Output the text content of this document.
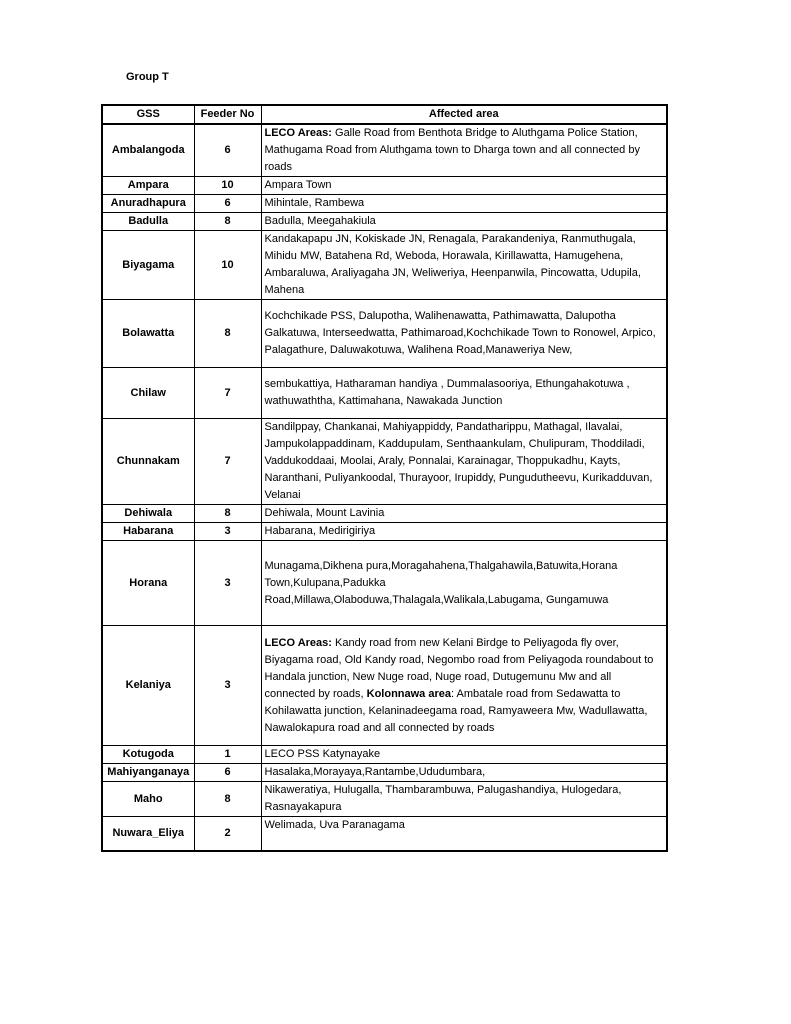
Group T
GSS	Feeder No	Affected area
Ambalangoda	6	LECO Areas: Galle Road from Benthota Bridge to Aluthgama Police Station, Mathugama Road from Aluthgama town to Dharga town and all connected by roads
Ampara	10	Ampara Town
Anuradhapura	6	Mihintale, Rambewa
Badulla	8	Badulla, Meegahakiula
Biyagama	10	Kandakapapu JN, Kokiskade JN, Renagala, Parakandeniya, Ranmuthugala, Mihidu MW, Batahena Rd, Weboda, Horawala, Kirillawatta, Hamugehena, Ambaraluwa, Araliyagaha JN, Weliweriya, Heenpanwila, Pincowatta, Udupila, Mahena
Bolawatta	8	Kochchikade PSS, Dalupotha, Walihenawatta, Pathimawatta, Dalupotha Galkatuwa, Interseedwatta, Pathimaroad,Kochchikade Town to Ronowel, Arpico, Palagathure, Daluwakotuwa, Walihena Road,Manaweriya New,
Chilaw	7	sembukattiya, Hatharaman handiya , Dummalasooriya, Ethungahakotuwa , wathuwaththa, Kattimahana, Nawakada Junction
Chunnakam	7	Sandilppay, Chankanai, Mahiyappiddy, Pandatharippu, Mathagal, Ilavalai, Jampukolappaddinam, Kaddupulam, Senthaankulam, Chulipuram, Thoddiladi, Vaddukoddaai, Moolai, Araly, Ponnalai, Karainagar, Thoppukadhu, Kayts, Naranthani, Puliyankoodal, Thurayoor, Irupiddy, Pungudutheevu, Kurikadduvan, Velanai
Dehiwala	8	Dehiwala, Mount Lavinia
Habarana	3	Habarana, Medirigiriya
Horana	3	Munagama,Dikhena pura,Moragahahena,Thalgahawila,Batuwita,Horana Town,Kulupana,Padukka Road,Millawa,Olaboduwa,Thalagala,Walikala,Labugama, Gungamuwa
Kelaniya	3	LECO Areas: Kandy road from new Kelani Birdge to Peliyagoda fly over, Biyagama road, Old Kandy road, Negombo road from Peliyagoda roundabout to Handala junction, New Nuge road, Nuge road, Dutugemunu Mw and all connected by roads, Kolonnawa area: Ambatale road from Sedawatta to Kohilawatta junction, Kelaninadeegama road, Ramyaweera Mw, Wadullawatta, Nawalokapura road and all connected by roads
Kotugoda	1	LECO PSS Katynayake
Mahiyanganaya	6	Hasalaka,Morayaya,Rantambe,Ududumbara,
Maho	8	Nikaweratiya, Hulugalla, Thambarambuwa, Palugashandiya, Hulogedara, Rasnayakapura
Nuwara_Eliya	2	Welimada, Uva Paranagama
